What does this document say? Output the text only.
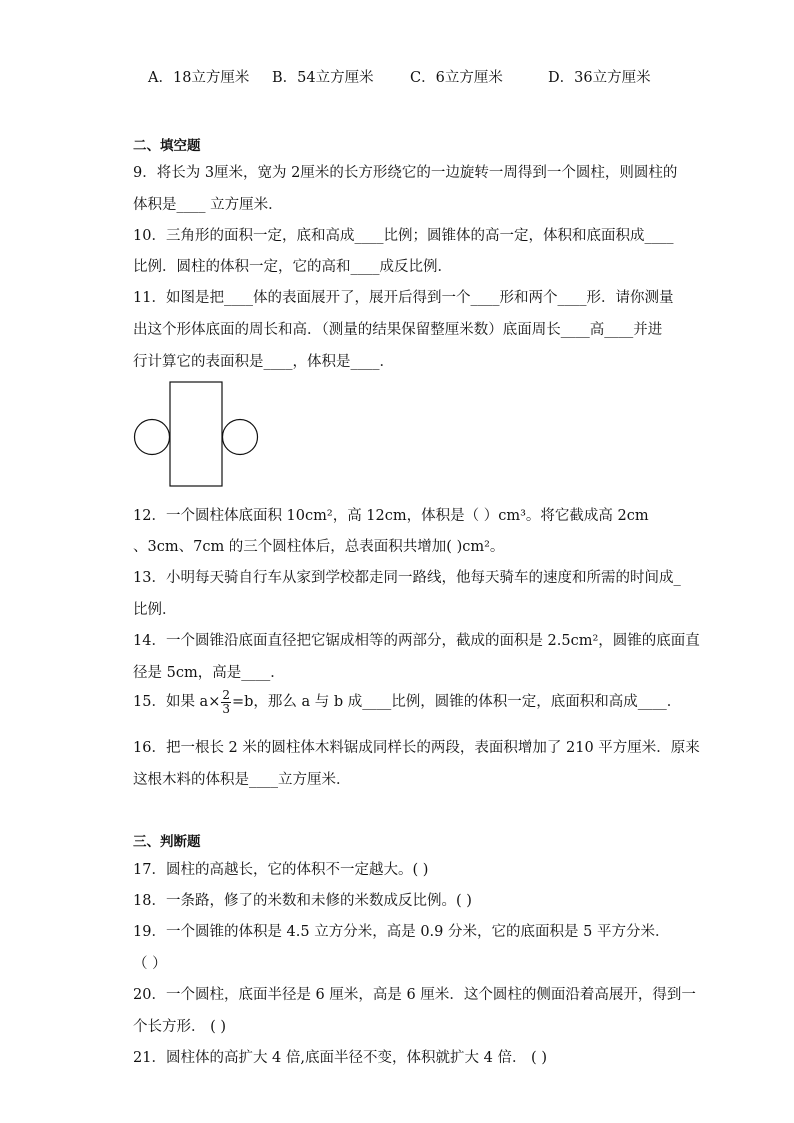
A．18立方厘米 B．54立方厘米	C．6立方厘米	D．36立方厘米
二、填空题
9．将长为 3厘米，宽为 2厘米的长方形绕它的一边旋转一周得到一个圆柱，则圆柱的
体积是____ 立方厘米．
10．三角形的面积一定，底和高成____比例；圆锥体的高一定，体积和底面积成____
比例．圆柱的体积一定，它的高和____成反比例．
11．如图是把____体的表面展开了，展开后得到一个____形和两个____形．请你测量
出这个形体底面的周长和高．（测量的结果保留整厘米数）底面周长____高____并进
行计算它的表面积是____，体积是____．
12．一个圆柱体底面积 10cm²，高 12cm，体积是（ ）cm³。将它截成高 2cm
、3cm、7cm 的三个圆柱体后，总表面积共增加( )cm²。
13．小明每天骑自行车从家到学校都走同一路线，他每天骑车的速度和所需的时间成_
比例．
14．一个圆锥沿底面直径把它锯成相等的两部分，截成的面积是 2.5cm²，圆锥的底面直
径是 5cm，高是____．
15．如果 $a\times \frac{2}{3} =b$，那么 a 与 b 成____比例，圆锥的体积一定，底面积和高成____．
16．把一根长 2 米的圆柱体木料锯成同样长的两段，表面积增加了 210 平方厘米．原来
这根木料的体积是____立方厘米．
三、判断题
17．圆柱的高越长，它的体积不一定越大。( )
18．一条路，修了的米数和未修的米数成反比例。( )
19．一个圆锥的体积是 4.5 立方分米，高是 0.9 分米，它的底面积是 5 平方分米．
（ ）
20．一个圆柱，底面半径是 6 厘米，高是 6 厘米．这个圆柱的侧面沿着高展开，得到一
个长方形． ( )
21．圆柱体的高扩大 4 倍,底面半径不变，体积就扩大 4 倍． ( )
